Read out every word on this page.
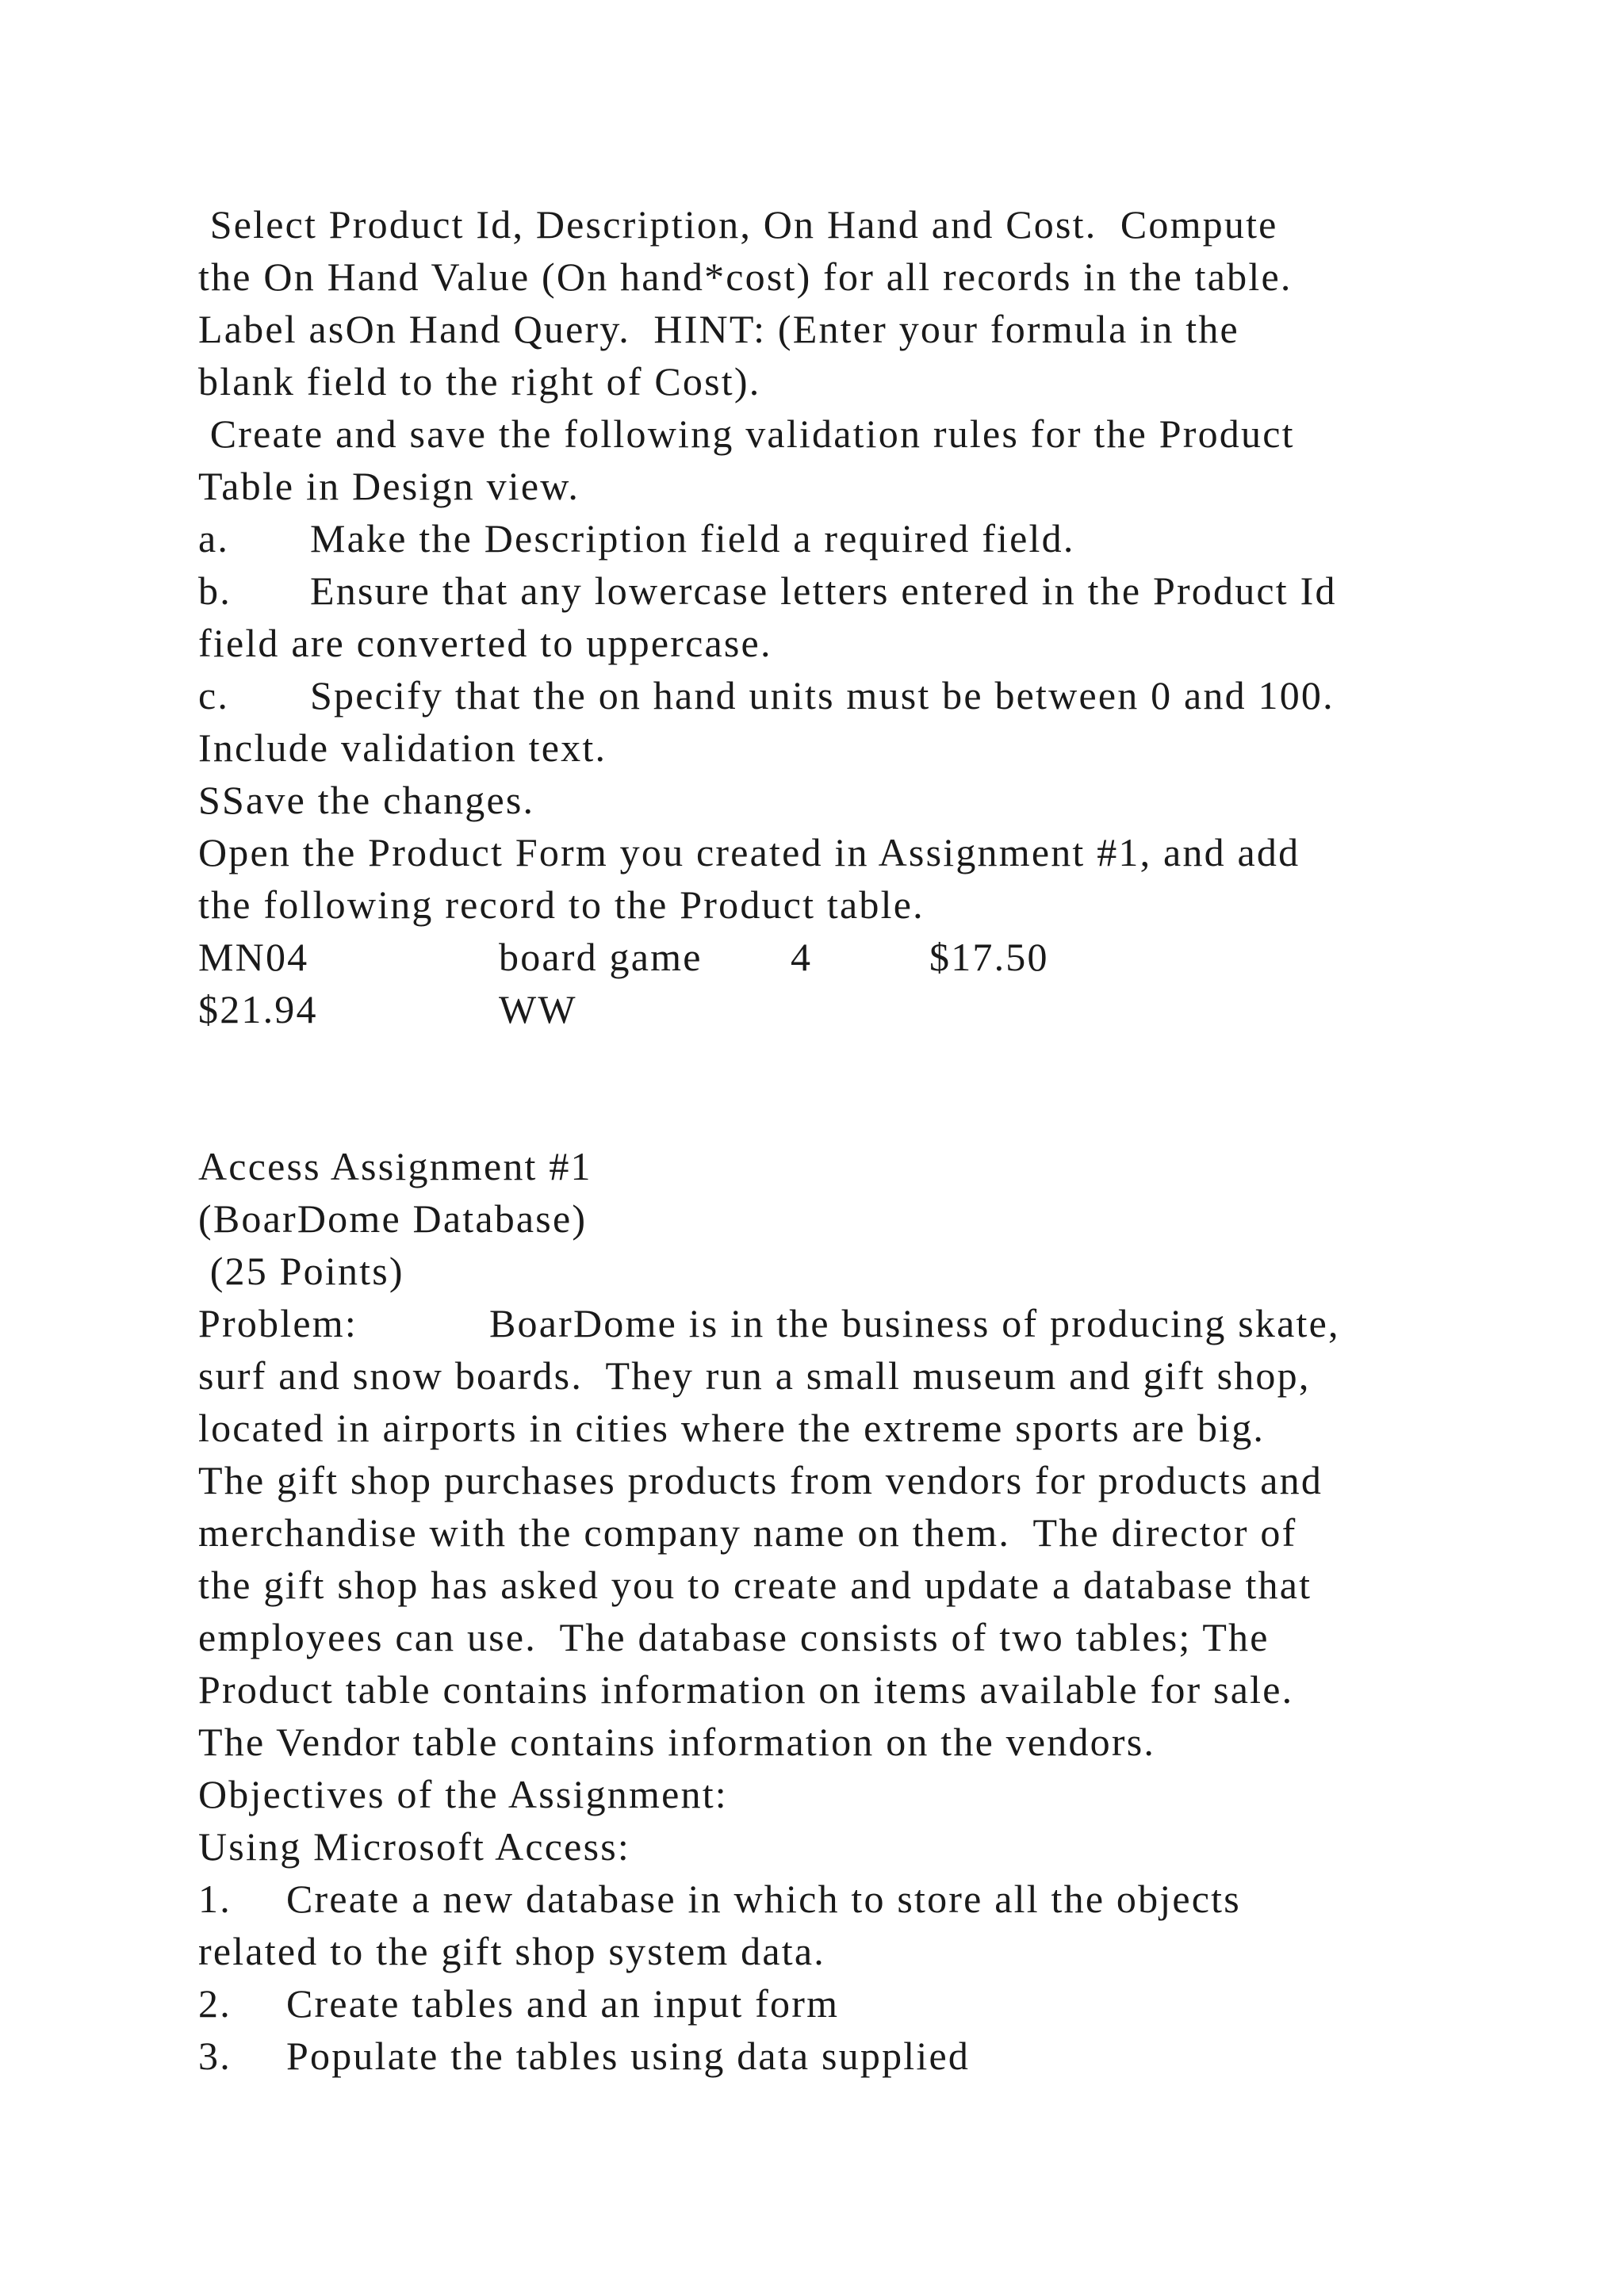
Select Product Id, Description, On Hand and Cost.  Compute
the On Hand Value (On hand*cost) for all records in the table.
Label asOn Hand Query.  HINT: (Enter your formula in the
blank field to the right of Cost).
Create and save the following validation rules for the Product
Table in Design view.
a. Make the Description field a required field.
b. Ensure that any lowercase letters entered in the Product Id
field are converted to uppercase.
c. Specify that the on hand units must be between 0 and 100.
Include validation text.
SSave the changes.
Open the Product Form you created in Assignment #1, and add
the following record to the Product table.
MN04	board game 4	$17.50
$21.94	WW
Access Assignment #1
(BoarDome Database)
(25 Points)
Problem:	BoarDome is in the business of producing skate,
surf and snow boards.  They run a small museum and gift shop,
located in airports in cities where the extreme sports are big.
The gift shop purchases products from vendors for products and
merchandise with the company name on them.  The director of
the gift shop has asked you to create and update a database that
employees can use.  The database consists of two tables; The
Product table contains information on items available for sale.
The Vendor table contains information on the vendors.
Objectives of the Assignment:
Using Microsoft Access:
1. Create a new database in which to store all the objects
related to the gift shop system data.
2. Create tables and an input form
3. Populate the tables using data supplied
